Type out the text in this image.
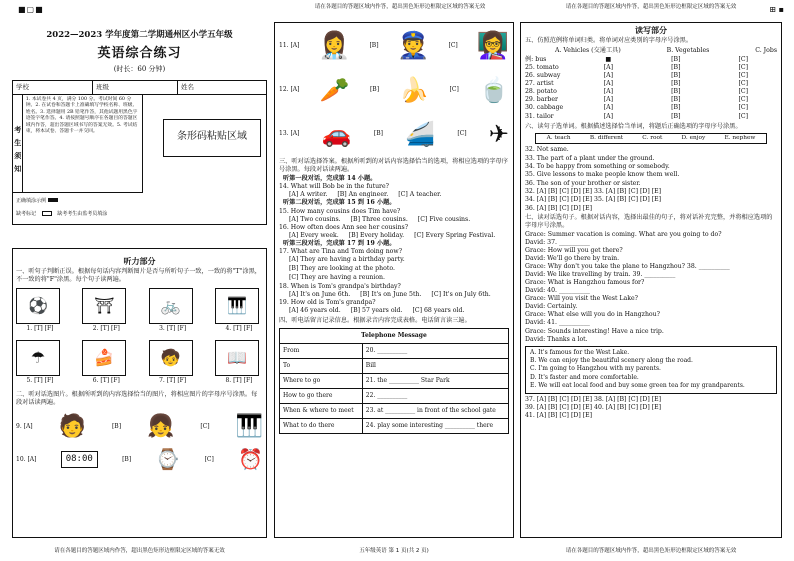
■▢■	请在各题目的答题区域内作答，超出黑色矩形边框限定区域的答案无效	请在各题目的答题区域内作答，超出黑色矩形边框限定区域的答案无效	⊞ ▪
2022—2023 学年度第二学期通州区小学五年级
英语综合练习
(时长：60 分钟)
学校	班级	姓名
考生须知
1. 本试卷共 4 页，满分 100 分。考试时间 60 分钟。2. 在试卷和答题卡上准确填写学校名称、班级、姓名。3. 选择题用 2B 铅笔作答，其他试题用黑色字迹签字笔作答。4. 请按照题号顺序在各题目的答题区域内作答，超出答题区域书写的答案无效。5. 考试结束，将本试卷、答题卡一并交回。	条形码粘贴区域
正确填涂示例
缺考标记	缺考考生由监考员填涂
听力部分
一、听句子判断正误。根据每句话内容判断图片是否与所听句子一致，一致的将"T"涂黑，不一致的将"F"涂黑。每个句子读两遍。
⚽
1. [T] [F]
⛩
2. [T] [F]
🚲
3. [T] [F]
🎹
4. [T] [F]
☂
5. [T] [F]
🍰
6. [T] [F]
🧒
7. [T] [F]
📖
8. [T] [F]
二、听对话选图片。根据所听到的内容选择恰当的图片，将相应图片的字母序号涂黑。每段对话读两遍。
9. [A] 🧑	[B] 👧	[C] 🎹
10. [A]	08:00	[B] ⌚	[C] ⏰
11. [A] 👩‍⚕️	[B] 👮	[C] 👩‍🏫
12. [A] 🥕	[B] 🍌	[C] 🍵
13. [A] 🚗	[B] 🚄	[C] ✈
三、听对话选择答案。根据所听到的对话内容选择恰当的选项，将相应选项的字母序号涂黑。每段对话读两遍。
听第一段对话，完成第 14 小题。
14. What will Bob be in the future?
[A] A writer. [B] An engineer. [C] A teacher.
听第二段对话，完成第 15 到 16 小题。
15. How many cousins does Tim have?
[A] Two cousins. [B] Three cousins. [C] Five cousins.
16. How often does Ann see her cousins?
[A] Every week. [B] Every holiday. [C] Every Spring Festival.
听第三段对话，完成第 17 到 19 小题。
17. What are Tina and Tom doing now?
[A] They are having a birthday party.
[B] They are looking at the photo.
[C] They are having a reunion.
18. When is Tom's grandpa's birthday?
[A] It's on June 6th. [B] It's on June 5th. [C] It's on July 6th.
19. How old is Tom's grandpa?
[A] 46 years old. [B] 57 years old. [C] 68 years old.
四、听电话留言记录信息。根据录音内容完成表格。电话留言读三遍。
Telephone Message	
From	20. __________
To	Bill
Where to go	21. the __________ Star Park
How to go there	22. __________
When & where to meet	23. at __________ in front of the school gate
What to do there	24. play some interesting __________ there
读写部分
五、仿照范例将单词归类。将单词对应类别的字母序号涂黑。
A. Vehicles (交通工具)	B. Vegetables	C. Jobs
例: bus	■	[B]	[C]
25. tomato	[A]	[B]	[C]
26. subway	[A]	[B]	[C]
27. artist	[A]	[B]	[C]
28. potato	[A]	[B]	[C]
29. barber	[A]	[B]	[C]
30. cabbage	[A]	[B]	[C]
31. tailor	[A]	[B]	[C]
六、读句子选单词。根据描述选择恰当单词，将题后正确选项的字母序号涂黑。
A. teach	B. different	C. root	D. enjoy	E. nephew
32. Not same.
33. The part of a plant under the ground.
34. To be happy from something or somebody.
35. Give lessons to make people know them well.
36. The son of your brother or sister.
32. [A] [B] [C] [D] [E] 33. [A] [B] [C] [D] [E]
34. [A] [B] [C] [D] [E] 35. [A] [B] [C] [D] [E]
36. [A] [B] [C] [D] [E]
七、读对话选句子。根据对话内容，选择出最佳的句子，将对话补充完整，并将相应选项的字母序号涂黑。
Grace: Summer vacation is coming. What are you going to do?
David: 37. __________
Grace: How will you get there?
David: We'll go there by train.
Grace: Why don't you take the plane to Hangzhou? 38. __________
David: We like travelling by train. 39. __________
Grace: What is Hangzhou famous for?
David: 40. __________
Grace: Will you visit the West Lake?
David: Certainly.
Grace: What else will you do in Hangzhou?
David: 41. __________
Grace: Sounds interesting! Have a nice trip.
David: Thanks a lot.
A. It's famous for the West Lake.
B. We can enjoy the beautiful scenery along the road.
C. I'm going to Hangzhou with my parents.
D. It's faster and more comfortable.
E. We will eat local food and buy some green tea for my grandparents.
37. [A] [B] [C] [D] [E] 38. [A] [B] [C] [D] [E]
39. [A] [B] [C] [D] [E] 40. [A] [B] [C] [D] [E]
41. [A] [B] [C] [D] [E]
请在各题目的答题区域内作答，超出黑色矩形边框限定区域的答案无效	五年级英语 第 1 页(共 2 页)	请在各题目的答题区域内作答，超出黑色矩形边框限定区域的答案无效
